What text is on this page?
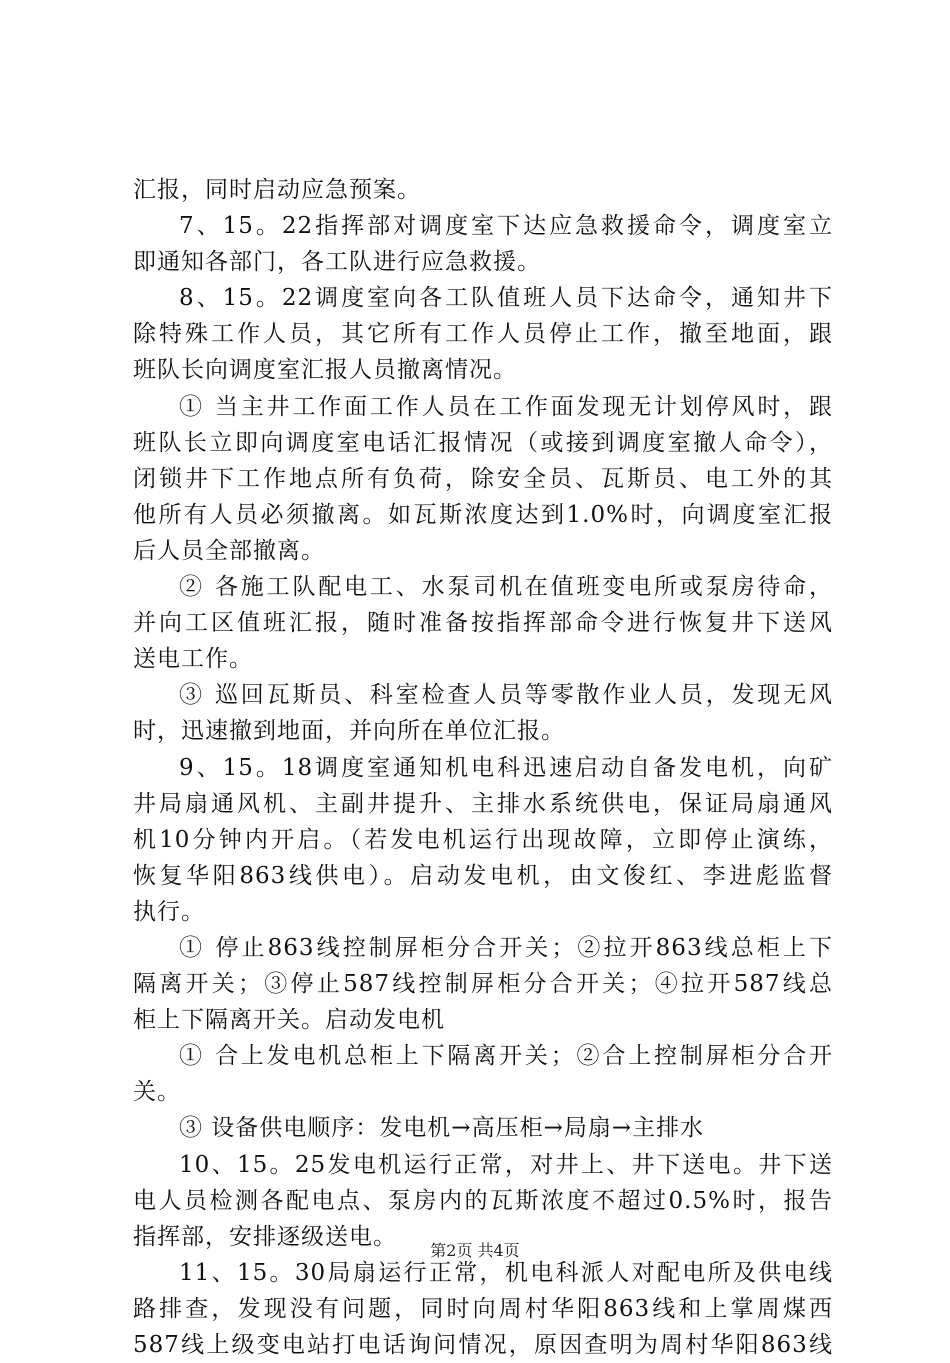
汇报，同时启动应急预案。
7、15。22指挥部对调度室下达应急救援命令，调度室立
即通知各部门，各工队进行应急救援。
8、15。22调度室向各工队值班人员下达命令，通知井下
除特殊工作人员，其它所有工作人员停止工作，撤至地面，跟
班队长向调度室汇报人员撤离情况。
① 当主井工作面工作人员在工作面发现无计划停风时，跟
班队长立即向调度室电话汇报情况（或接到调度室撤人命令），
闭锁井下工作地点所有负荷，除安全员、瓦斯员、电工外的其
他所有人员必须撤离。如瓦斯浓度达到1.0%时，向调度室汇报
后人员全部撤离。
② 各施工队配电工、水泵司机在值班变电所或泵房待命，
并向工区值班汇报，随时准备按指挥部命令进行恢复井下送风
送电工作。
③ 巡回瓦斯员、科室检查人员等零散作业人员，发现无风
时，迅速撤到地面，并向所在单位汇报。
9、15。18调度室通知机电科迅速启动自备发电机，向矿
井局扇通风机、主副井提升、主排水系统供电，保证局扇通风
机10分钟内开启。（若发电机运行出现故障，立即停止演练，
恢复华阳863线供电）。启动发电机，由文俊红、李进彪监督
执行。
① 停止863线控制屏柜分合开关；②拉开863线总柜上下
隔离开关；③停止587线控制屏柜分合开关；④拉开587线总
柜上下隔离开关。启动发电机
① 合上发电机总柜上下隔离开关；②合上控制屏柜分合开
关。
③ 设备供电顺序：发电机→高压柜→局扇→主排水
10、15。25发电机运行正常，对井上、井下送电。井下送
电人员检测各配电点、泵房内的瓦斯浓度不超过0.5%时，报告
指挥部，安排逐级送电。
11、15。30局扇运行正常，机电科派人对配电所及供电线
路排查，发现没有问题，同时向周村华阳863线和上掌周煤西
587线上级变电站打电话询问情况，原因查明为周村华阳863线
第2页 共4页
